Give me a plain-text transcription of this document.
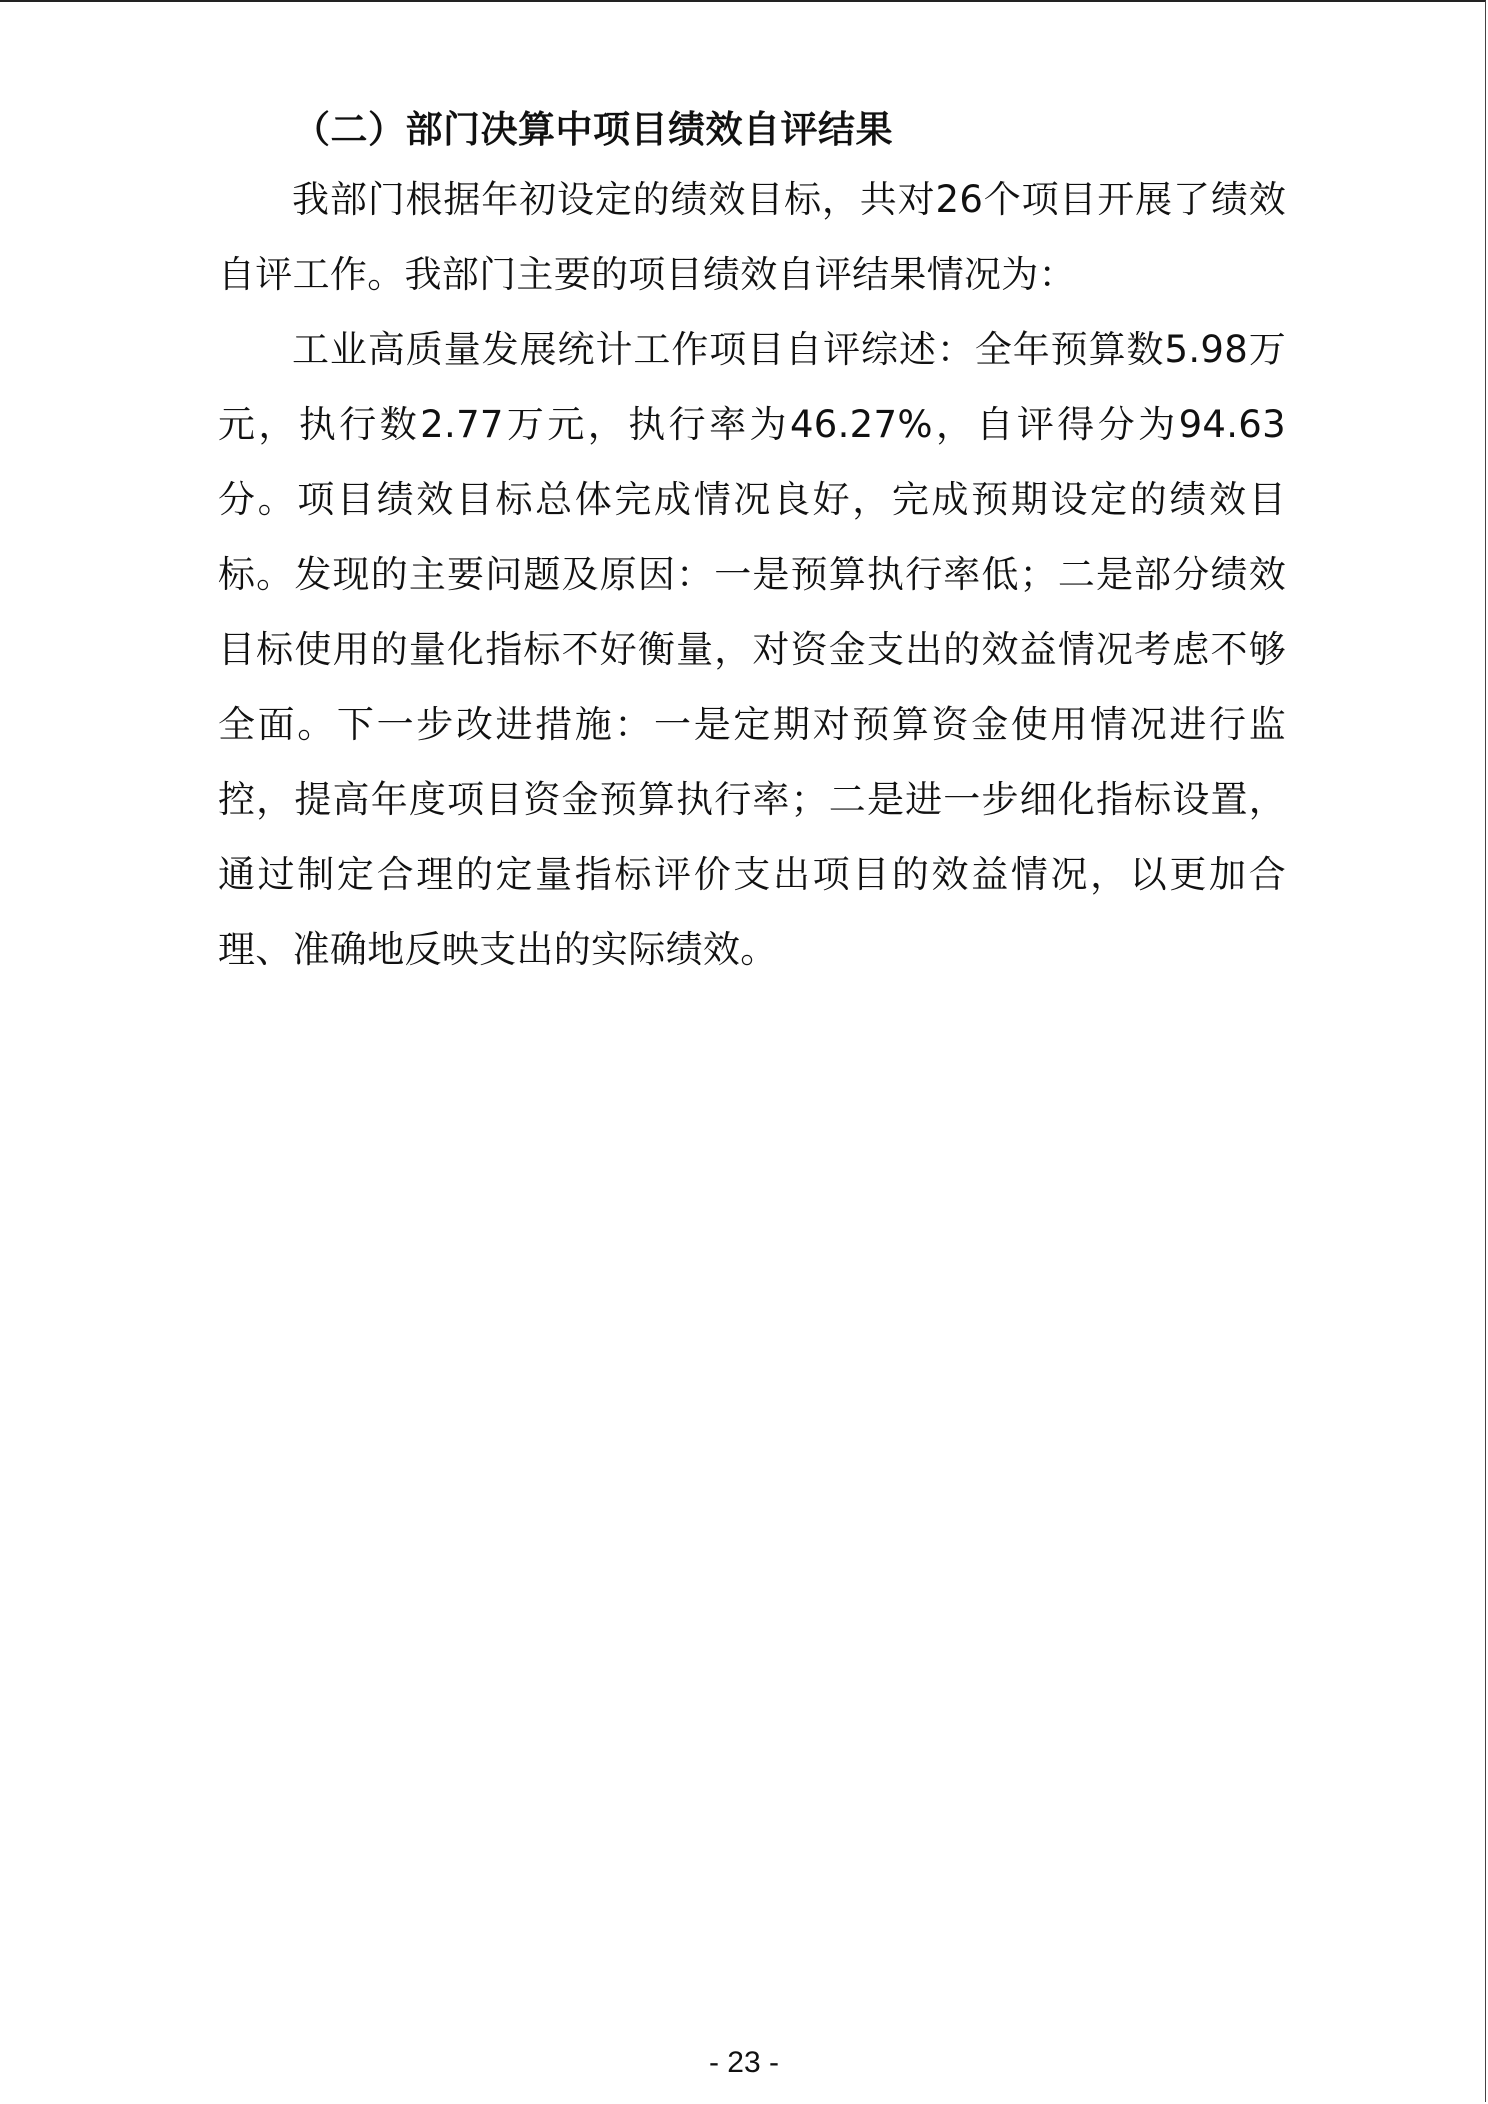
（二）部门决算中项目绩效自评结果

我部门根据年初设定的绩效目标，共对26个项目开展了绩效自评工作。我部门主要的项目绩效自评结果情况为：

工业高质量发展统计工作项目自评综述：全年预算数5.98万元，执行数2.77万元，执行率为46.27%，自评得分为94.63分。项目绩效目标总体完成情况良好，完成预期设定的绩效目标。发现的主要问题及原因：一是预算执行率低；二是部分绩效目标使用的量化指标不好衡量，对资金支出的效益情况考虑不够全面。下一步改进措施：一是定期对预算资金使用情况进行监控，提高年度项目资金预算执行率；二是进一步细化指标设置，通过制定合理的定量指标评价支出项目的效益情况，以更加合理、准确地反映支出的实际绩效。

- 23 -
